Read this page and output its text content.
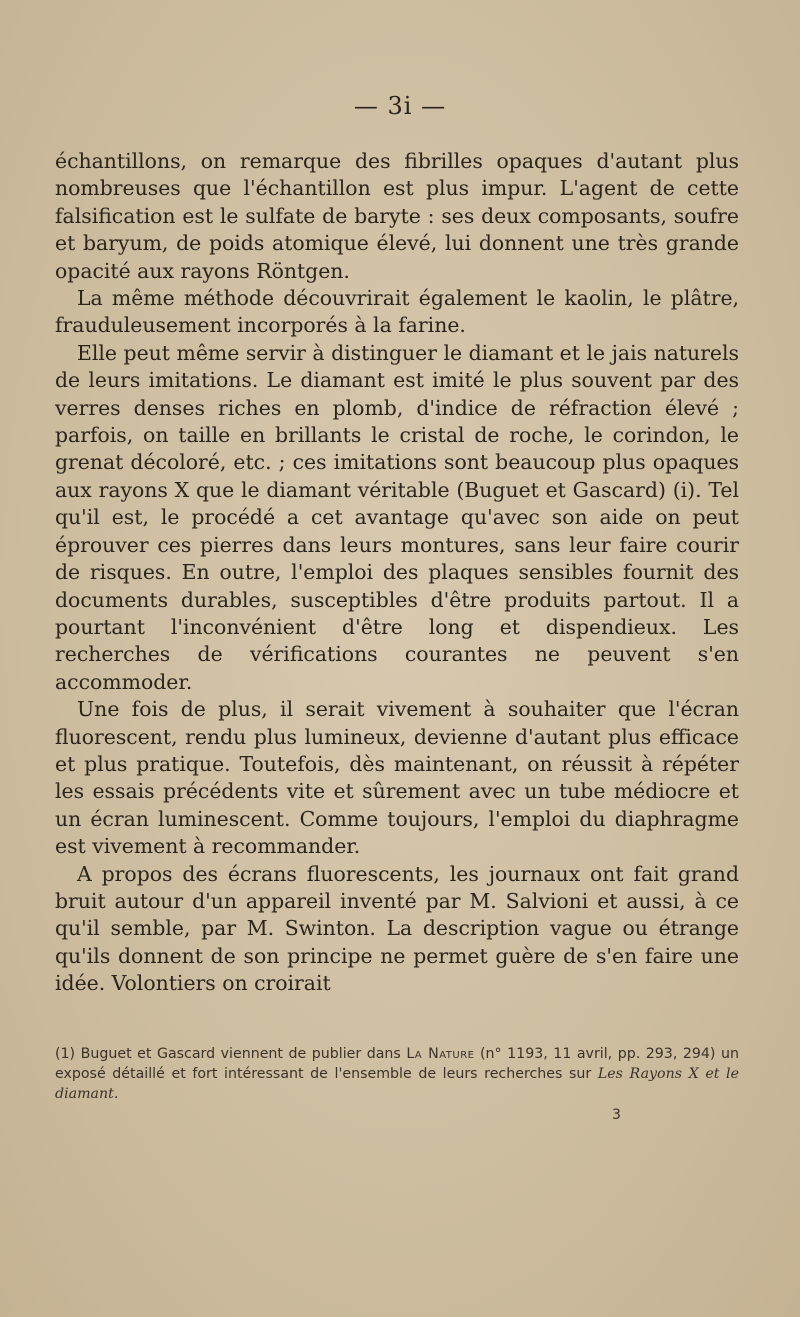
— 3i —

échantillons, on remarque des fibrilles opaques d'autant plus nombreuses que l'échantillon est plus impur. L'agent de cette falsification est le sulfate de baryte : ses deux composants, soufre et baryum, de poids atomique élevé, lui donnent une très grande opacité aux rayons Röntgen.

La même méthode découvrirait également le kaolin, le plâtre, frauduleusement incorporés à la farine.

Elle peut même servir à distinguer le diamant et le jais naturels de leurs imitations. Le diamant est imité le plus souvent par des verres denses riches en plomb, d'indice de réfraction élevé ; parfois, on taille en brillants le cristal de roche, le corindon, le grenat décoloré, etc. ; ces imitations sont beaucoup plus opaques aux rayons X que le diamant véritable (Buguet et Gascard) (i). Tel qu'il est, le procédé a cet avantage qu'avec son aide on peut éprouver ces pierres dans leurs montures, sans leur faire courir de risques. En outre, l'emploi des plaques sensibles fournit des documents durables, susceptibles d'être produits partout. Il a pourtant l'inconvénient d'être long et dispendieux. Les recherches de vérifications courantes ne peuvent s'en accommoder.

Une fois de plus, il serait vivement à souhaiter que l'écran fluorescent, rendu plus lumineux, devienne d'autant plus efficace et plus pratique. Toutefois, dès maintenant, on réussit à répéter les essais précédents vite et sûrement avec un tube médiocre et un écran luminescent. Comme toujours, l'emploi du diaphragme est vivement à recommander.

A propos des écrans fluorescents, les journaux ont fait grand bruit autour d'un appareil inventé par M. Salvioni et aussi, à ce qu'il semble, par M. Swinton. La description vague ou étrange qu'ils donnent de son principe ne permet guère de s'en faire une idée. Volontiers on croirait

(1) Buguet et Gascard viennent de publier dans La Nature (n° 1193, 11 avril, pp. 293, 294) un exposé détaillé et fort intéressant de l'ensemble de leurs recherches sur Les Rayons X et le diamant.
3
